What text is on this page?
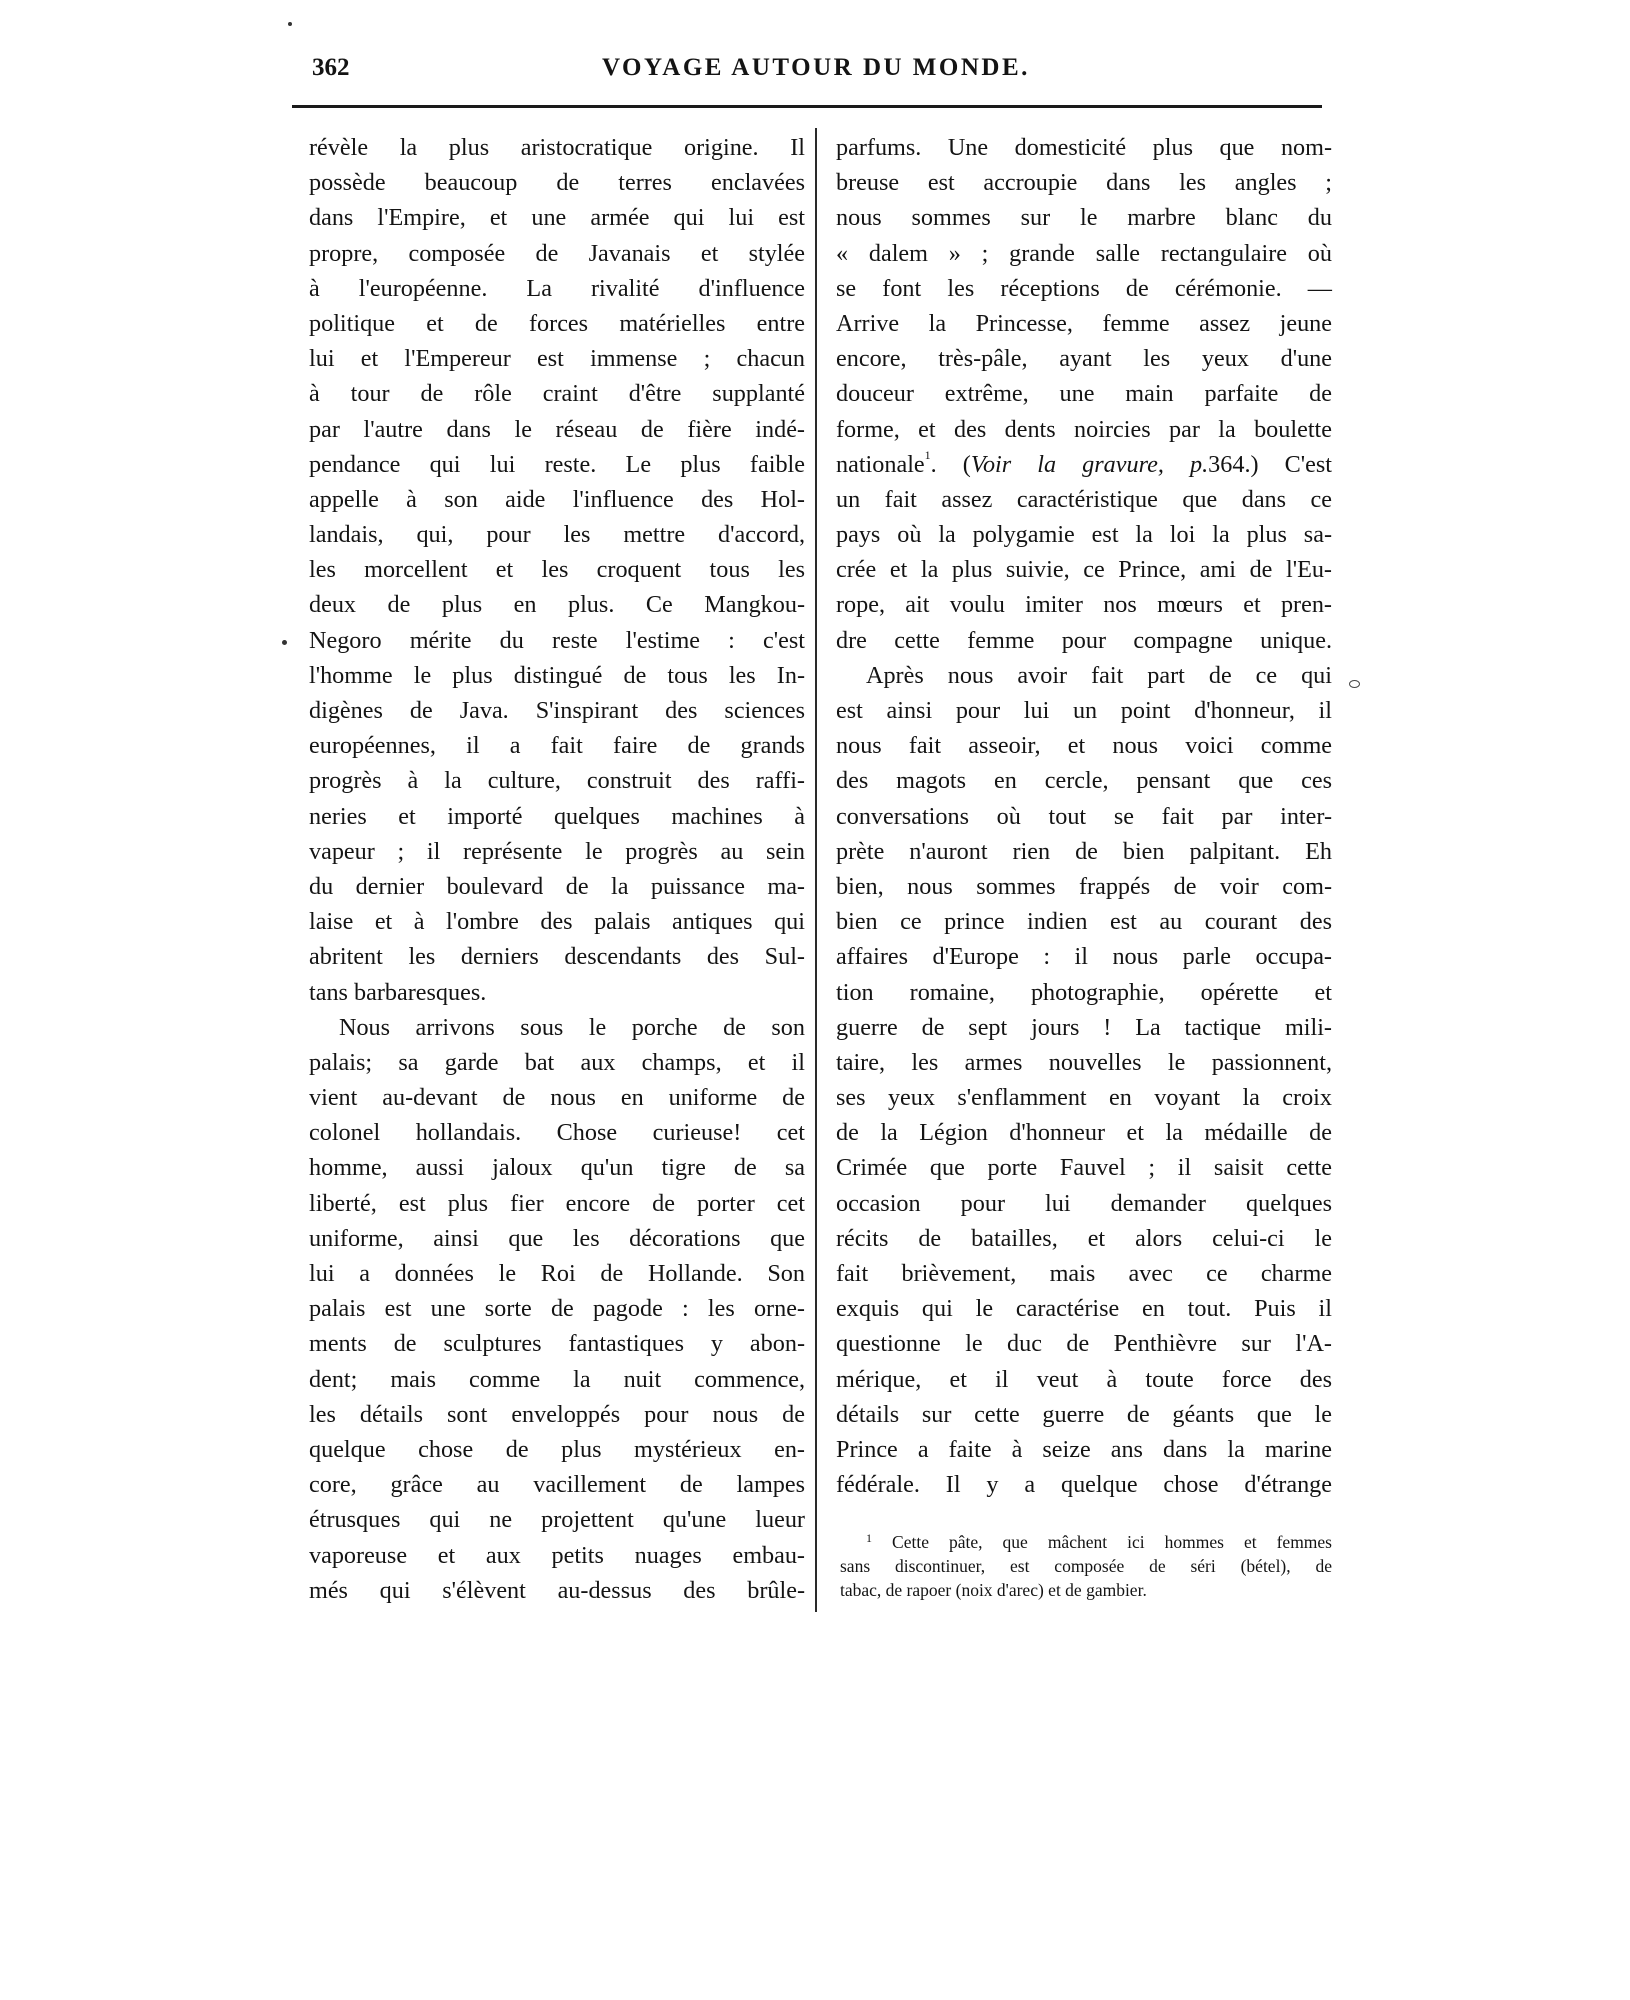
362	VOYAGE AUTOUR DU MONDE.
révèle la plus aristocratique origine. Il
possède beaucoup de terres enclavées
dans l'Empire, et une armée qui lui est
propre, composée de Javanais et stylée
à l'européenne. La rivalité d'influence
politique et de forces matérielles entre
lui et l'Empereur est immense ; chacun
à tour de rôle craint d'être supplanté
par l'autre dans le réseau de fière indé-
pendance qui lui reste. Le plus faible
appelle à son aide l'influence des Hol-
landais, qui, pour les mettre d'accord,
les morcellent et les croquent tous les
deux de plus en plus. Ce Mangkou-
Negoro mérite du reste l'estime : c'est
l'homme le plus distingué de tous les In-
digènes de Java. S'inspirant des sciences
européennes, il a fait faire de grands
progrès à la culture, construit des raffi-
neries et importé quelques machines à
vapeur ; il représente le progrès au sein
du dernier boulevard de la puissance ma-
laise et à l'ombre des palais antiques qui
abritent les derniers descendants des Sul-
tans barbaresques.
Nous arrivons sous le porche de son
palais; sa garde bat aux champs, et il
vient au-devant de nous en uniforme de
colonel hollandais. Chose curieuse! cet
homme, aussi jaloux qu'un tigre de sa
liberté, est plus fier encore de porter cet
uniforme, ainsi que les décorations que
lui a données le Roi de Hollande. Son
palais est une sorte de pagode : les orne-
ments de sculptures fantastiques y abon-
dent; mais comme la nuit commence,
les détails sont enveloppés pour nous de
quelque chose de plus mystérieux en-
core, grâce au vacillement de lampes
étrusques qui ne projettent qu'une lueur
vaporeuse et aux petits nuages embau-
més qui s'élèvent au-dessus des brûle-
parfums. Une domesticité plus que nom-
breuse est accroupie dans les angles ;
nous sommes sur le marbre blanc du
« dalem » ; grande salle rectangulaire où
se font les réceptions de cérémonie. —
Arrive la Princesse, femme assez jeune
encore, très-pâle, ayant les yeux d'une
douceur extrême, une main parfaite de
forme, et des dents noircies par la boulette
nationale$^1$. (Voir la gravure, p.364.) C'est
un fait assez caractéristique que dans ce
pays où la polygamie est la loi la plus sa-
crée et la plus suivie, ce Prince, ami de l'Eu-
rope, ait voulu imiter nos mœurs et pren-
dre cette femme pour compagne unique.
Après nous avoir fait part de ce qui
est ainsi pour lui un point d'honneur, il
nous fait asseoir, et nous voici comme
des magots en cercle, pensant que ces
conversations où tout se fait par inter-
prète n'auront rien de bien palpitant. Eh
bien, nous sommes frappés de voir com-
bien ce prince indien est au courant des
affaires d'Europe : il nous parle occupa-
tion romaine, photographie, opérette et
guerre de sept jours ! La tactique mili-
taire, les armes nouvelles le passionnent,
ses yeux s'enflamment en voyant la croix
de la Légion d'honneur et la médaille de
Crimée que porte Fauvel ; il saisit cette
occasion pour lui demander quelques
récits de batailles, et alors celui-ci le
fait brièvement, mais avec ce charme
exquis qui le caractérise en tout. Puis il
questionne le duc de Penthièvre sur l'A-
mérique, et il veut à toute force des
détails sur cette guerre de géants que le
Prince a faite à seize ans dans la marine
fédérale. Il y a quelque chose d'étrange
$^1$ Cette pâte, que mâchent ici hommes et femmes
sans discontinuer, est composée de séri (bétel), de
tabac, de rapoer (noix d'arec) et de gambier.
